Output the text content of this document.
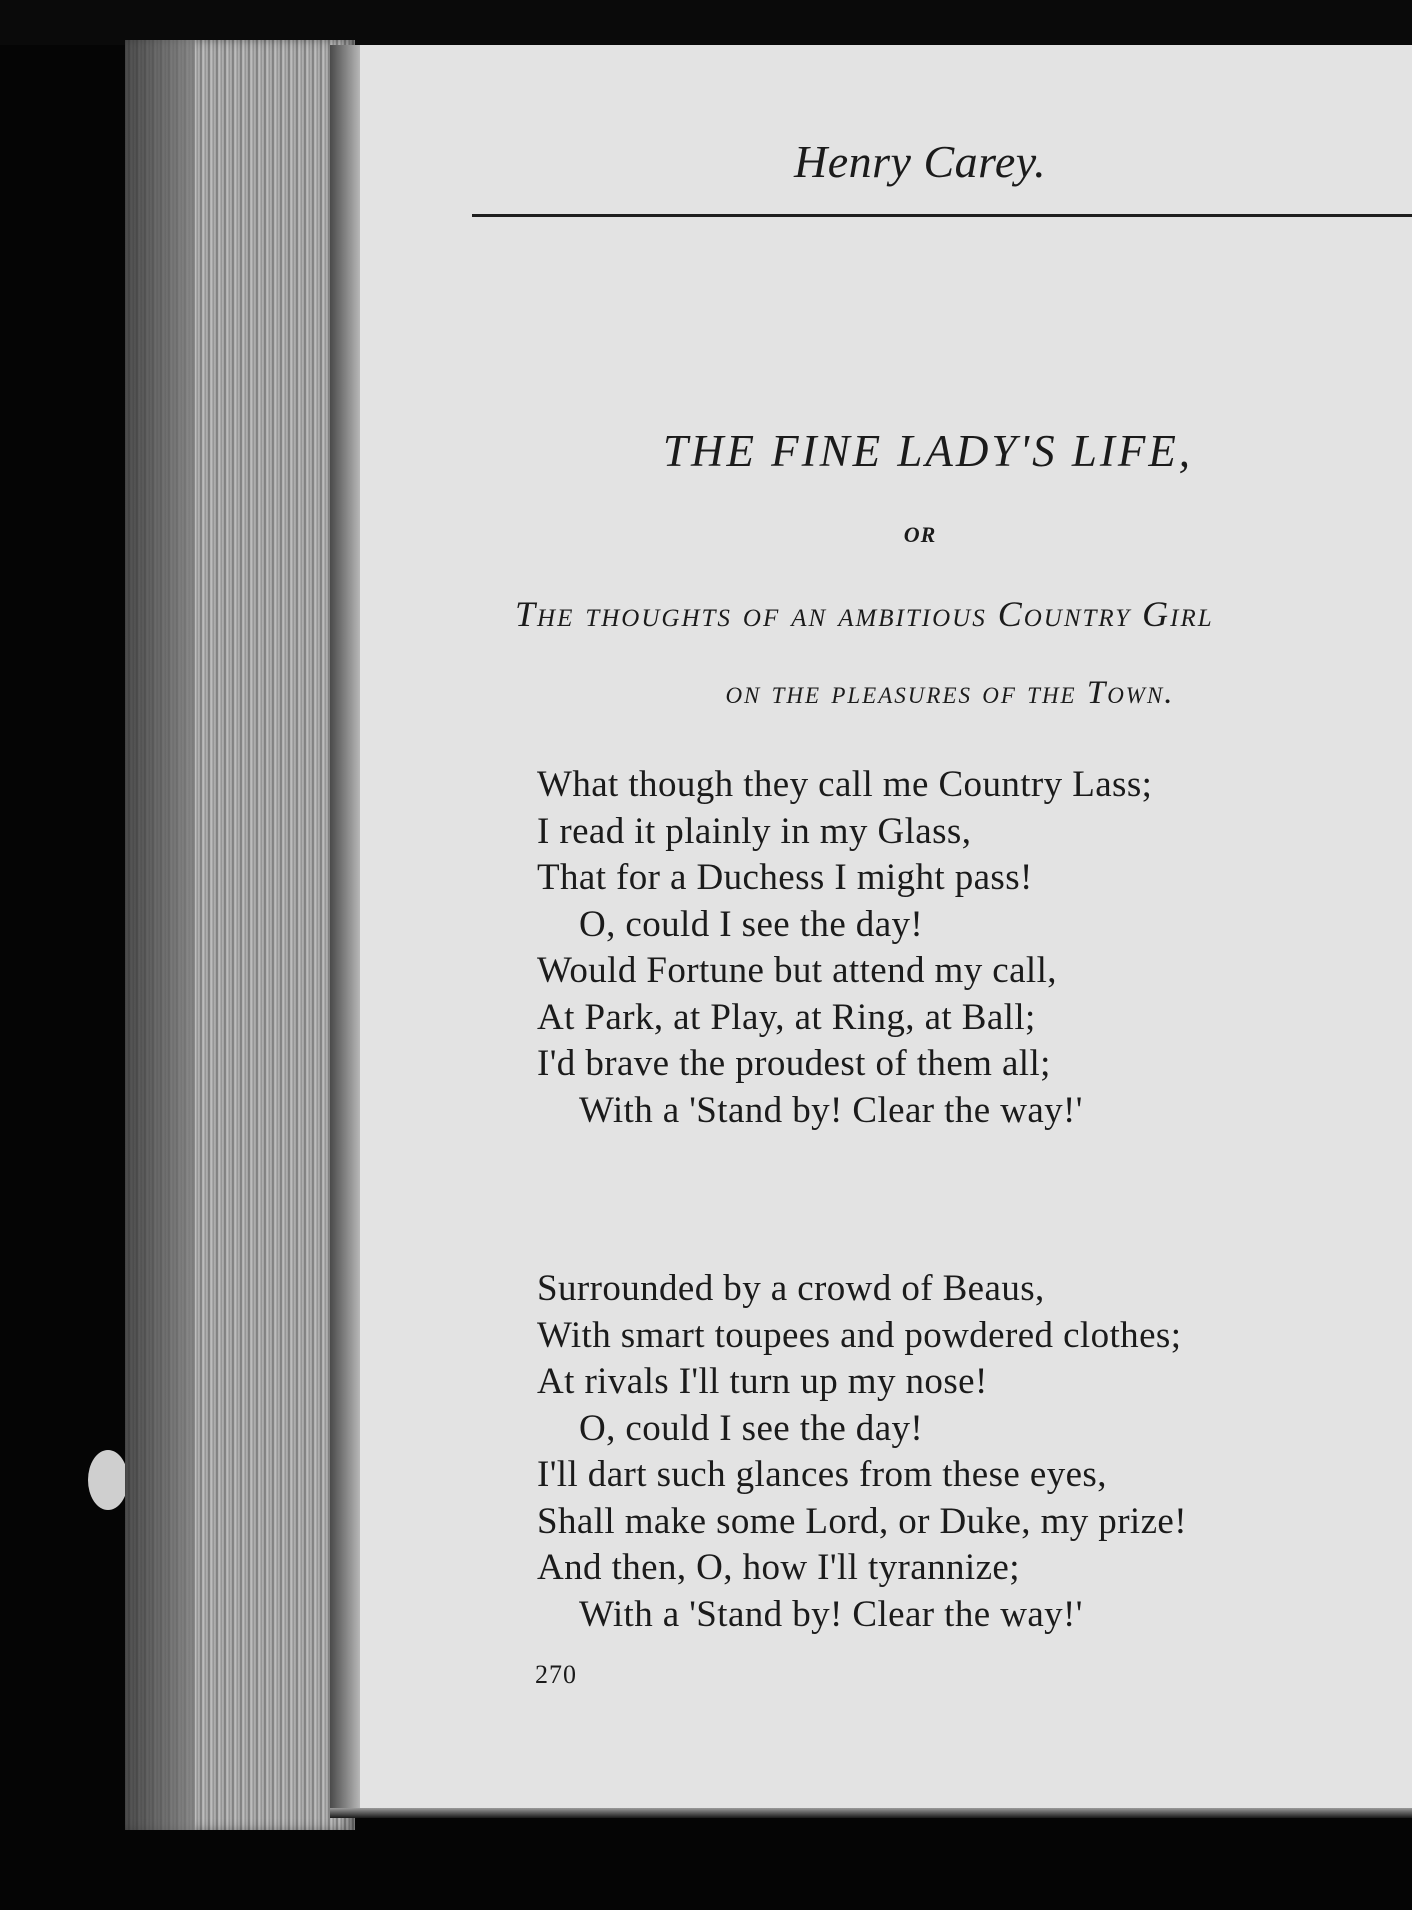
Henry Carey.
THE FINE LADY'S LIFE,
OR
The thoughts of an ambitious Country Girl
on the pleasures of the Town.
What though they call me Country Lass;
I read it plainly in my Glass,
That for a Duchess I might pass!
O, could I see the day!
Would Fortune but attend my call,
At Park, at Play, at Ring, at Ball;
I'd brave the proudest of them all;
With a 'Stand by! Clear the way!'
Surrounded by a crowd of Beaus,
With smart toupees and powdered clothes;
At rivals I'll turn up my nose!
O, could I see the day!
I'll dart such glances from these eyes,
Shall make some Lord, or Duke, my prize!
And then, O, how I'll tyrannize;
With a 'Stand by! Clear the way!'
270
